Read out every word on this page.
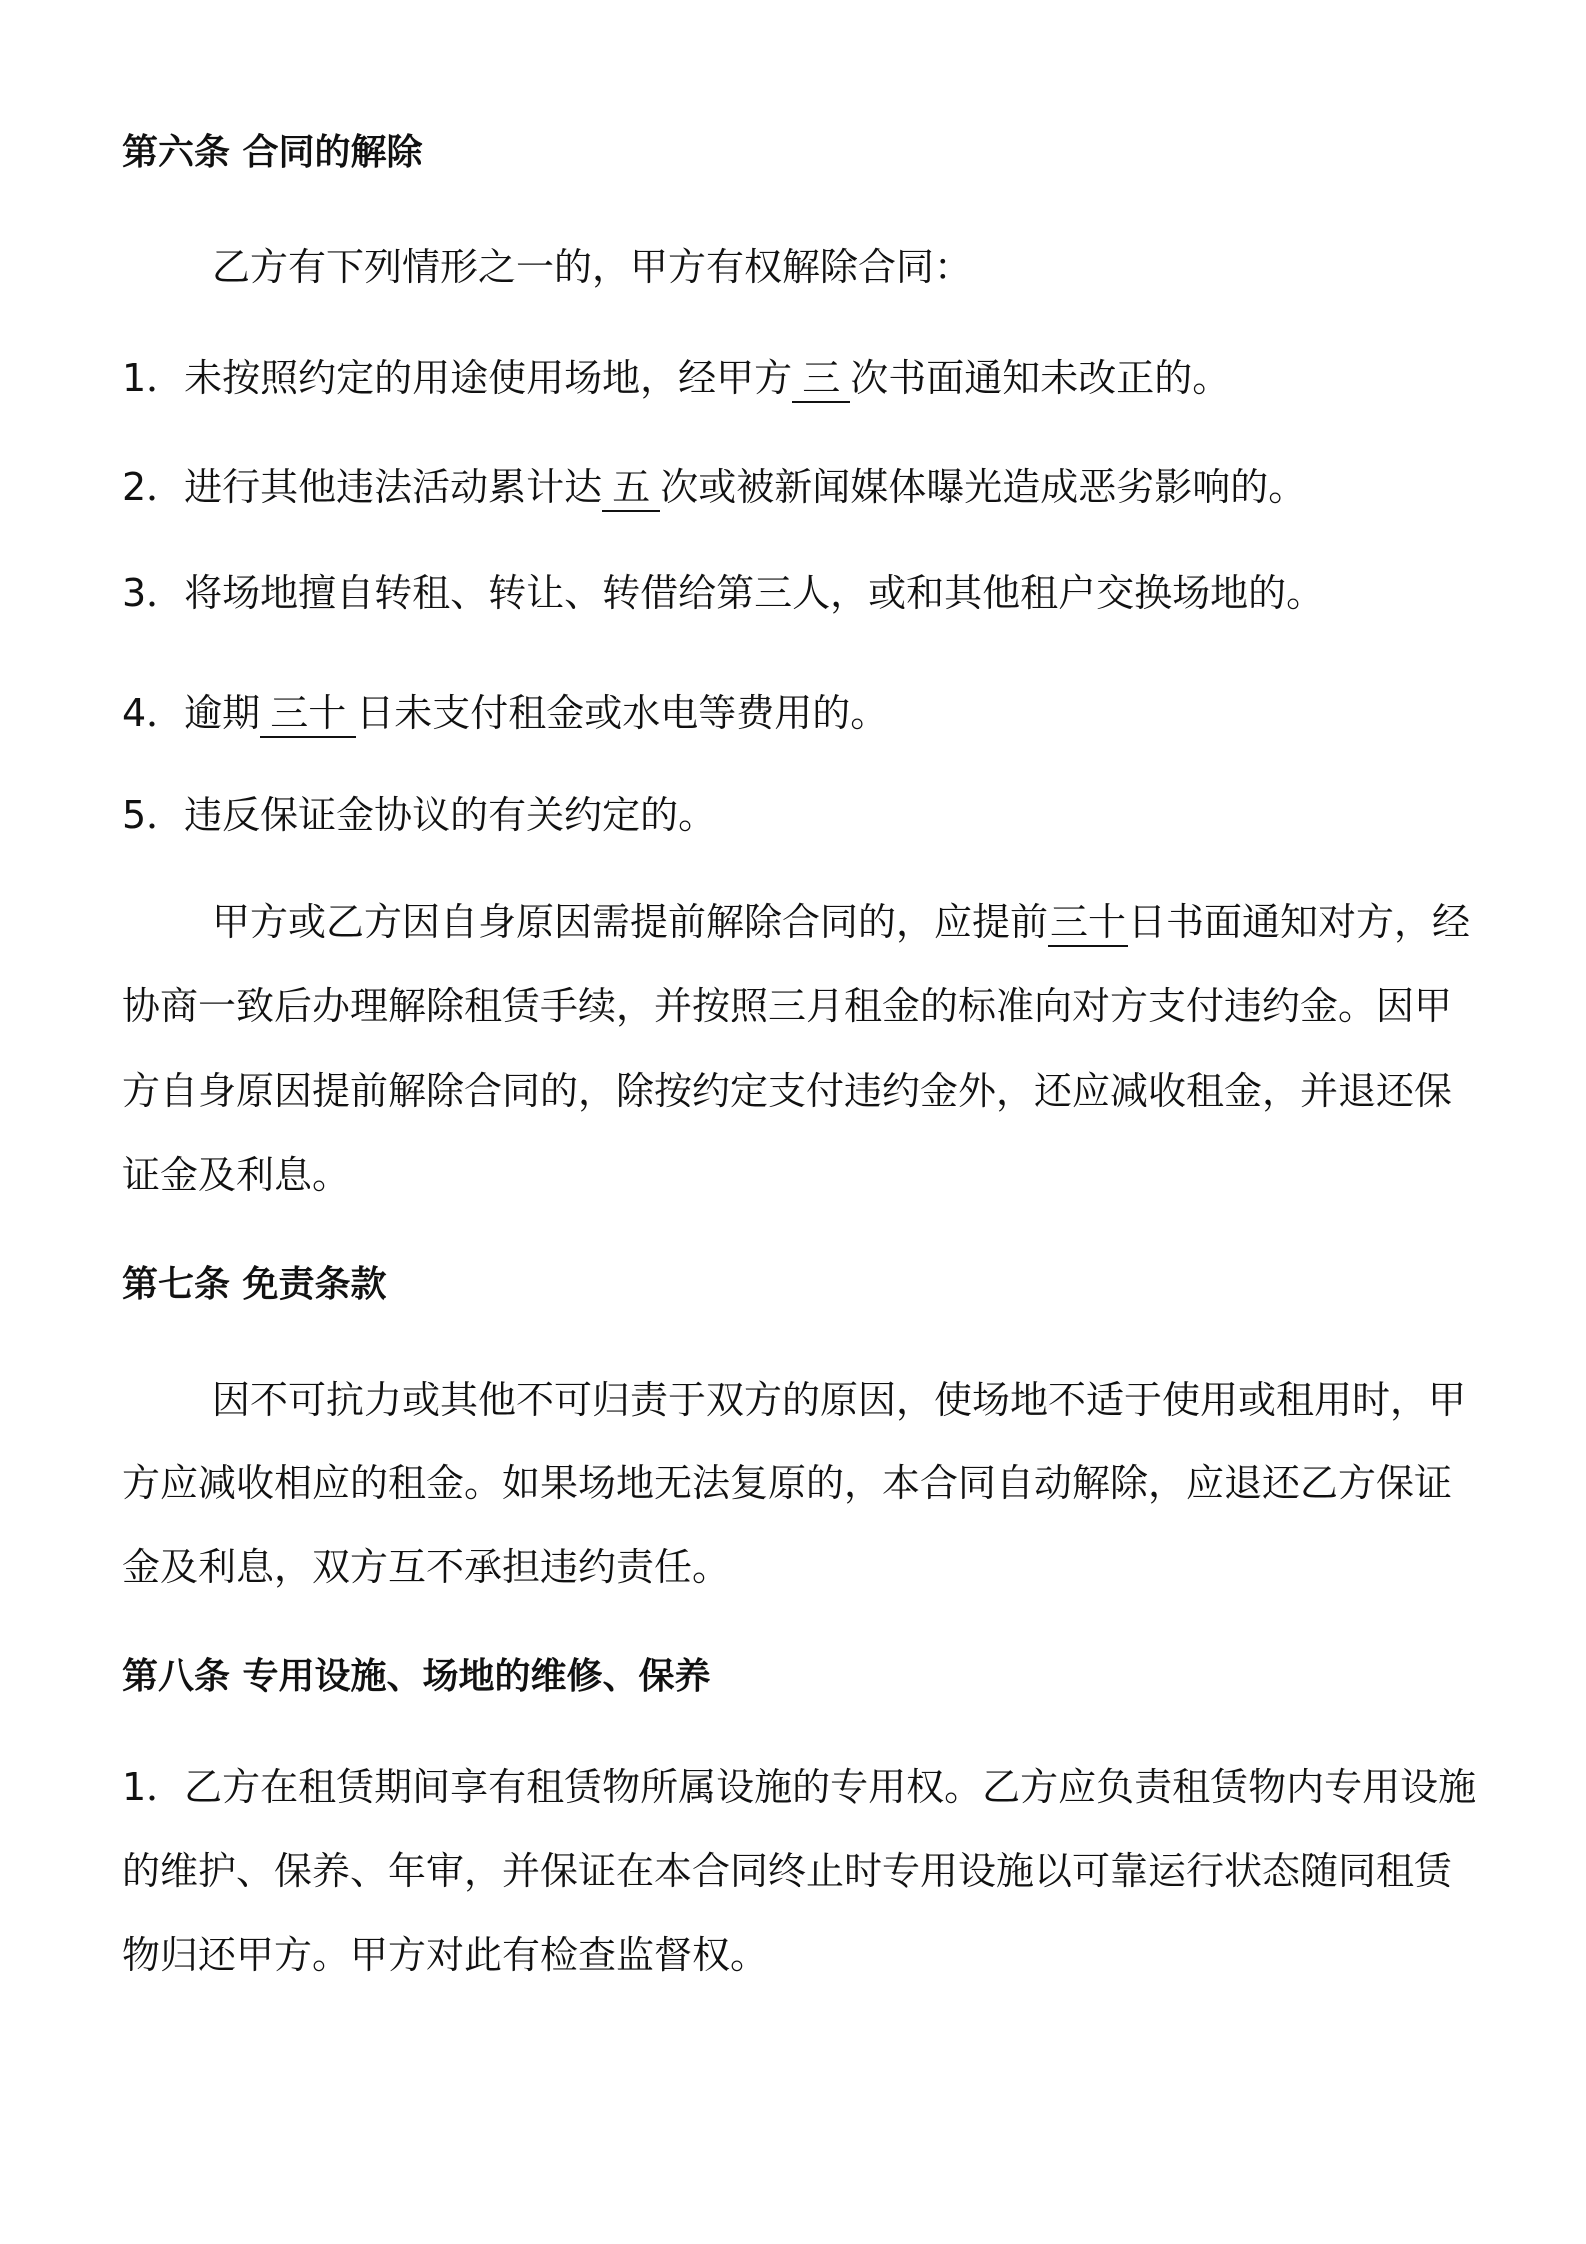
第六条 合同的解除
乙方有下列情形之一的，甲方有权解除合同：
1．未按照约定的用途使用场地，经甲方 三 次书面通知未改正的。
2．进行其他违法活动累计达 五 次或被新闻媒体曝光造成恶劣影响的。
3．将场地擅自转租、转让、转借给第三人，或和其他租户交换场地的。
4．逾期 三十 日未支付租金或水电等费用的。
5．违反保证金协议的有关约定的。
甲方或乙方因自身原因需提前解除合同的，应提前三十日书面通知对方，经
协商一致后办理解除租赁手续，并按照三月租金的标准向对方支付违约金。因甲
方自身原因提前解除合同的，除按约定支付违约金外，还应减收租金，并退还保
证金及利息。
第七条 免责条款
因不可抗力或其他不可归责于双方的原因，使场地不适于使用或租用时，甲
方应减收相应的租金。如果场地无法复原的，本合同自动解除，应退还乙方保证
金及利息，双方互不承担违约责任。
第八条 专用设施、场地的维修、保养
1．乙方在租赁期间享有租赁物所属设施的专用权。乙方应负责租赁物内专用设施
的维护、保养、年审，并保证在本合同终止时专用设施以可靠运行状态随同租赁
物归还甲方。甲方对此有检查监督权。
